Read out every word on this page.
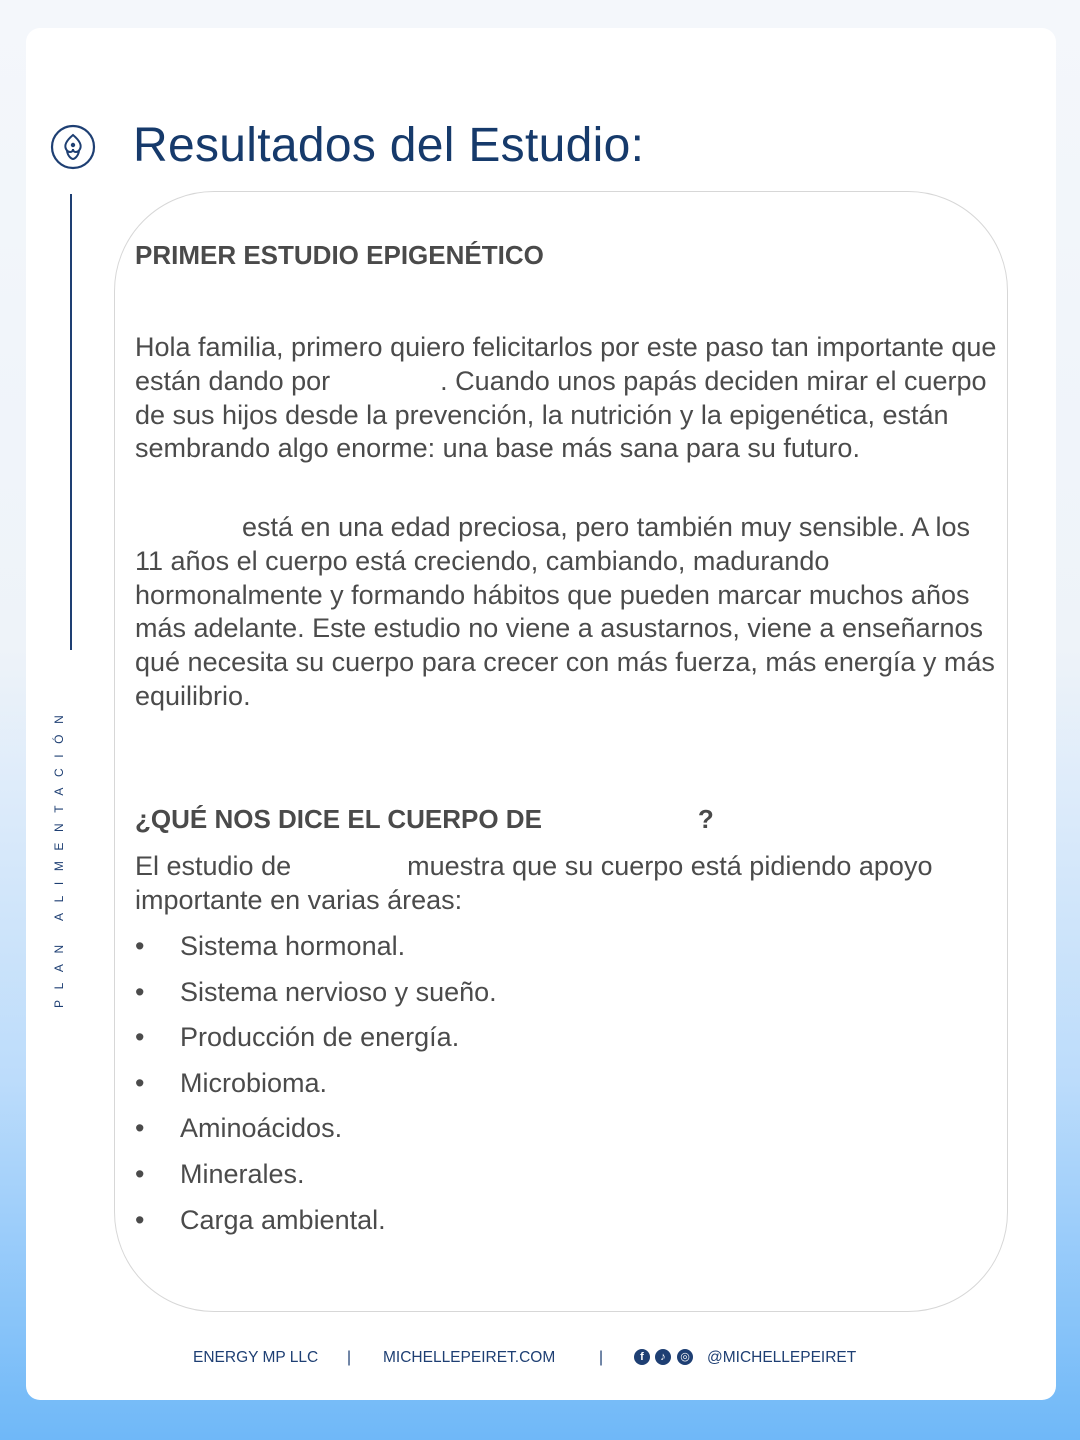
Resultados del Estudio:
PRIMER ESTUDIO EPIGENÉTICO

Hola familia, primero quiero felicitarlos por este paso tan importante que están dando por	. Cuando unos papás deciden mirar el cuerpo de sus hijos desde la prevención, la nutrición y la epigenética, están sembrando algo enorme: una base más sana para su futuro.

está en una edad preciosa, pero también muy sensible. A los 11 años el cuerpo está creciendo, cambiando, madurando hormonalmente y formando hábitos que pueden marcar muchos años más adelante. Este estudio no viene a asustarnos, viene a enseñarnos qué necesita su cuerpo para crecer con más fuerza, más energía y más equilibrio.

¿QUÉ NOS DICE EL CUERPO DE	?

El estudio de	muestra que su cuerpo está pidiendo apoyo importante en varias áreas:

• Sistema hormonal.
• Sistema nervioso y sueño.
• Producción de energía.
• Microbioma.
• Aminoácidos.
• Minerales.
• Carga ambiental.
ENERGY MP LLC | MICHELLEPEIRET.COM	|	@MICHELLEPEIRET
f	♪	◎
